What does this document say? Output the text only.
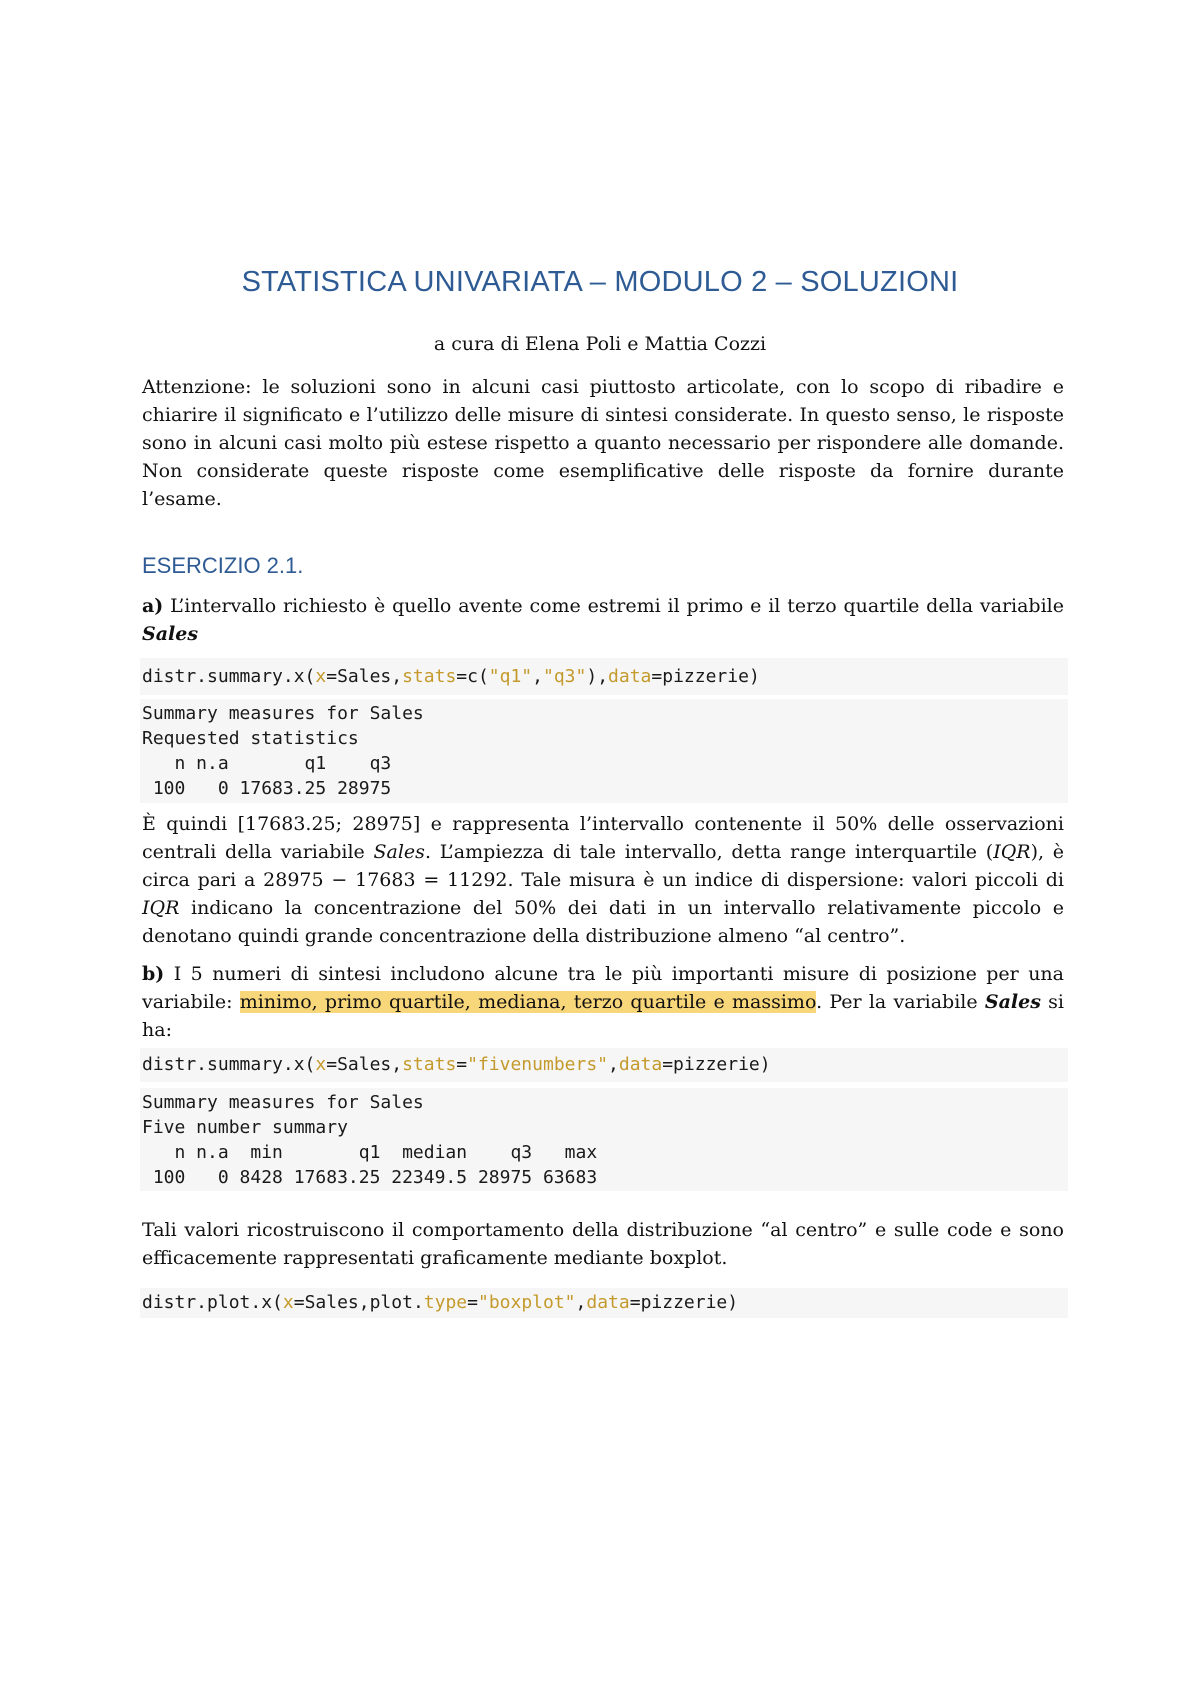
STATISTICA UNIVARIATA – MODULO 2 – SOLUZIONI
a cura di Elena Poli e Mattia Cozzi

Attenzione: le soluzioni sono in alcuni casi piuttosto articolate, con lo scopo di ribadire e chiarire il significato e l’utilizzo delle misure di sintesi considerate. In questo senso, le risposte sono in alcuni casi molto più estese rispetto a quanto necessario per rispondere alle domande. Non considerate queste risposte come esemplificative delle risposte da fornire durante l’esame.

ESERCIZIO 2.1.

a) L’intervallo richiesto è quello avente come estremi il primo e il terzo quartile della variabile Sales

distr.summary.x(x=Sales,stats=c("q1","q3"),data=pizzerie)
Summary measures for Sales
Requested statistics
n n.a       q1    q3
100   0 17683.25 28975

È quindi [17683.25; 28975] e rappresenta l’intervallo contenente il 50% delle osservazioni centrali della variabile Sales. L’ampiezza di tale intervallo, detta range interquartile (IQR), è circa pari a 28975 − 17683 = 11292. Tale misura è un indice di dispersione: valori piccoli di IQR indicano la concentrazione del 50% dei dati in un intervallo relativamente piccolo e denotano quindi grande concentrazione della distribuzione almeno “al centro”.

b) I 5 numeri di sintesi includono alcune tra le più importanti misure di posizione per una variabile: minimo, primo quartile, mediana, terzo quartile e massimo. Per la variabile Sales si ha:

distr.summary.x(x=Sales,stats="fivenumbers",data=pizzerie)
Summary measures for Sales
Five number summary
n n.a  min       q1  median    q3   max
100   0 8428 17683.25 22349.5 28975 63683

Tali valori ricostruiscono il comportamento della distribuzione “al centro” e sulle code e sono efficacemente rappresentati graficamente mediante boxplot.

distr.plot.x(x=Sales,plot.type="boxplot",data=pizzerie)
